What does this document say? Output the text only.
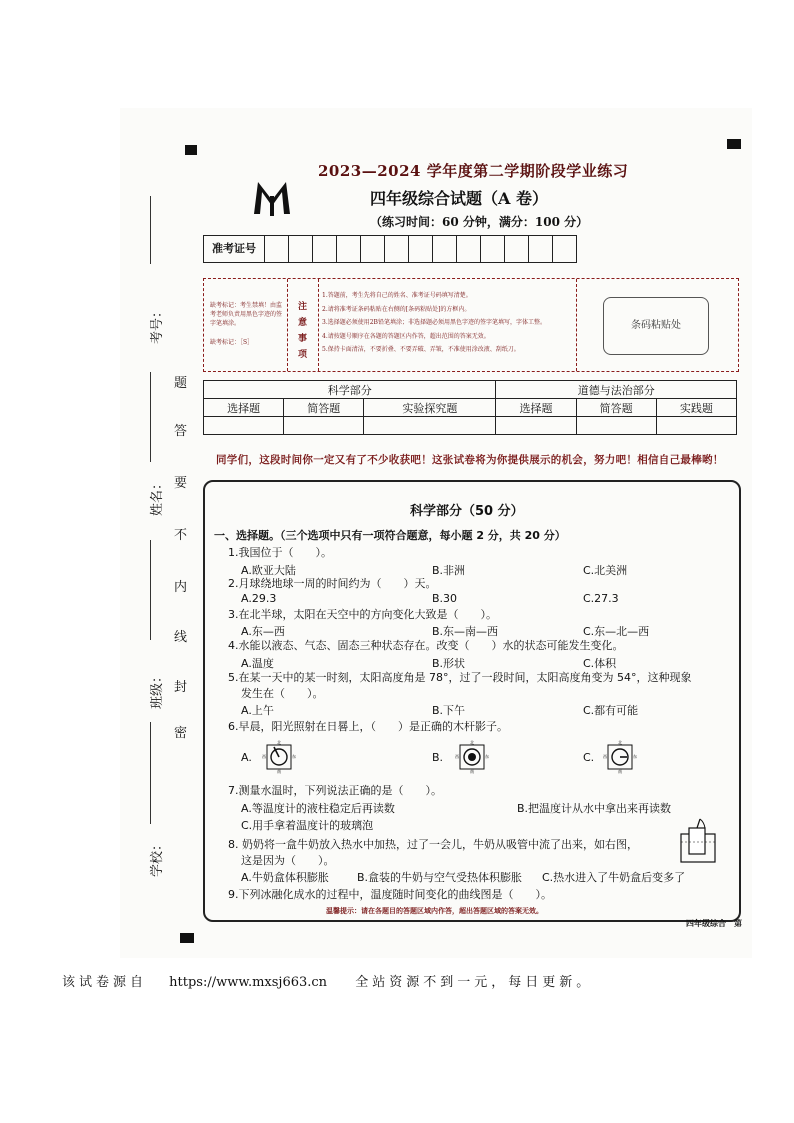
2023—2024 学年度第二学期阶段学业练习
四年级综合试题（A 卷）
（练习时间：60 分钟，满分：100 分）
准考证号
缺考标记：考生禁填！由监考老师负责用黑色字迹的签字笔填涂。
缺考标记：［S］
注
意
事
项
1.答题前，考生先将自己的姓名、准考证号码填写清楚。
2.请将准考证条码粘贴在右侧的[条码粘贴处]的方框内。
3.选择题必须使用2B铅笔填涂；非选择题必须用黑色字迹的签字笔填写，字体工整。
4.请按题号顺序在各题的答题区内作答，超出范围的答案无效。
5.保持卡面清洁，不要折叠、不要弄破、弄皱，不准使用涂改液、刮纸刀。
条码粘贴处
科学部分			道德与法治部分		
选择题	简答题	实验探究题	选择题	简答题	实践题

同学们，这段时间你一定又有了不少收获吧！这张试卷将为你提供展示的机会，努力吧！相信自己最棒哟！
科学部分（50 分）
一、选择题。（三个选项中只有一项符合题意，每小题 2 分，共 20 分）
1.我国位于（　　）。
A.欧亚大陆	B.非洲	C.北美洲
2.月球绕地球一周的时间约为（　　）天。
A.29.3	B.30	C.27.3
3.在北半球，太阳在天空中的方向变化大致是（　　）。
A.东—西	B.东—南—西	C.东—北—西
4.水能以液态、气态、固态三种状态存在。改变（　　）水的状态可能发生变化。
A.温度	B.形状	C.体积
5.在某一天中的某一时刻，太阳高度角是 78°，过了一段时间，太阳高度角变为 54°，这种现象
发生在（　　）。
A.上午	B.下午	C.都有可能
6.早晨，阳光照射在日晷上，（　　）是正确的木杆影子。
A.	B.	C.
北
南
西	东
北
南
西	东
北
南
西	东
7.测量水温时，下列说法正确的是（　　）。
A.等温度计的液柱稳定后再读数	B.把温度计从水中拿出来再读数
C.用手拿着温度计的玻璃泡
8. 奶奶将一盒牛奶放入热水中加热，过了一会儿，牛奶从吸管中流了出来，如右图，
这是因为（　　）。
A.牛奶盒体积膨胀	B.盒装的牛奶与空气受热体积膨胀 C.热水进入了牛奶盒后变多了
9.下列冰融化成水的过程中，温度随时间变化的曲线图是（　　）。
温馨提示：请在各题目的答题区域内作答，超出答题区域的答案无效。
四年级综合　第
考号：
姓名：
班级：
学校：
题
答
要
不
内
线
封
密
该试卷源自 https://www.mxsj663.cn 全站资源不到一元，每日更新。
